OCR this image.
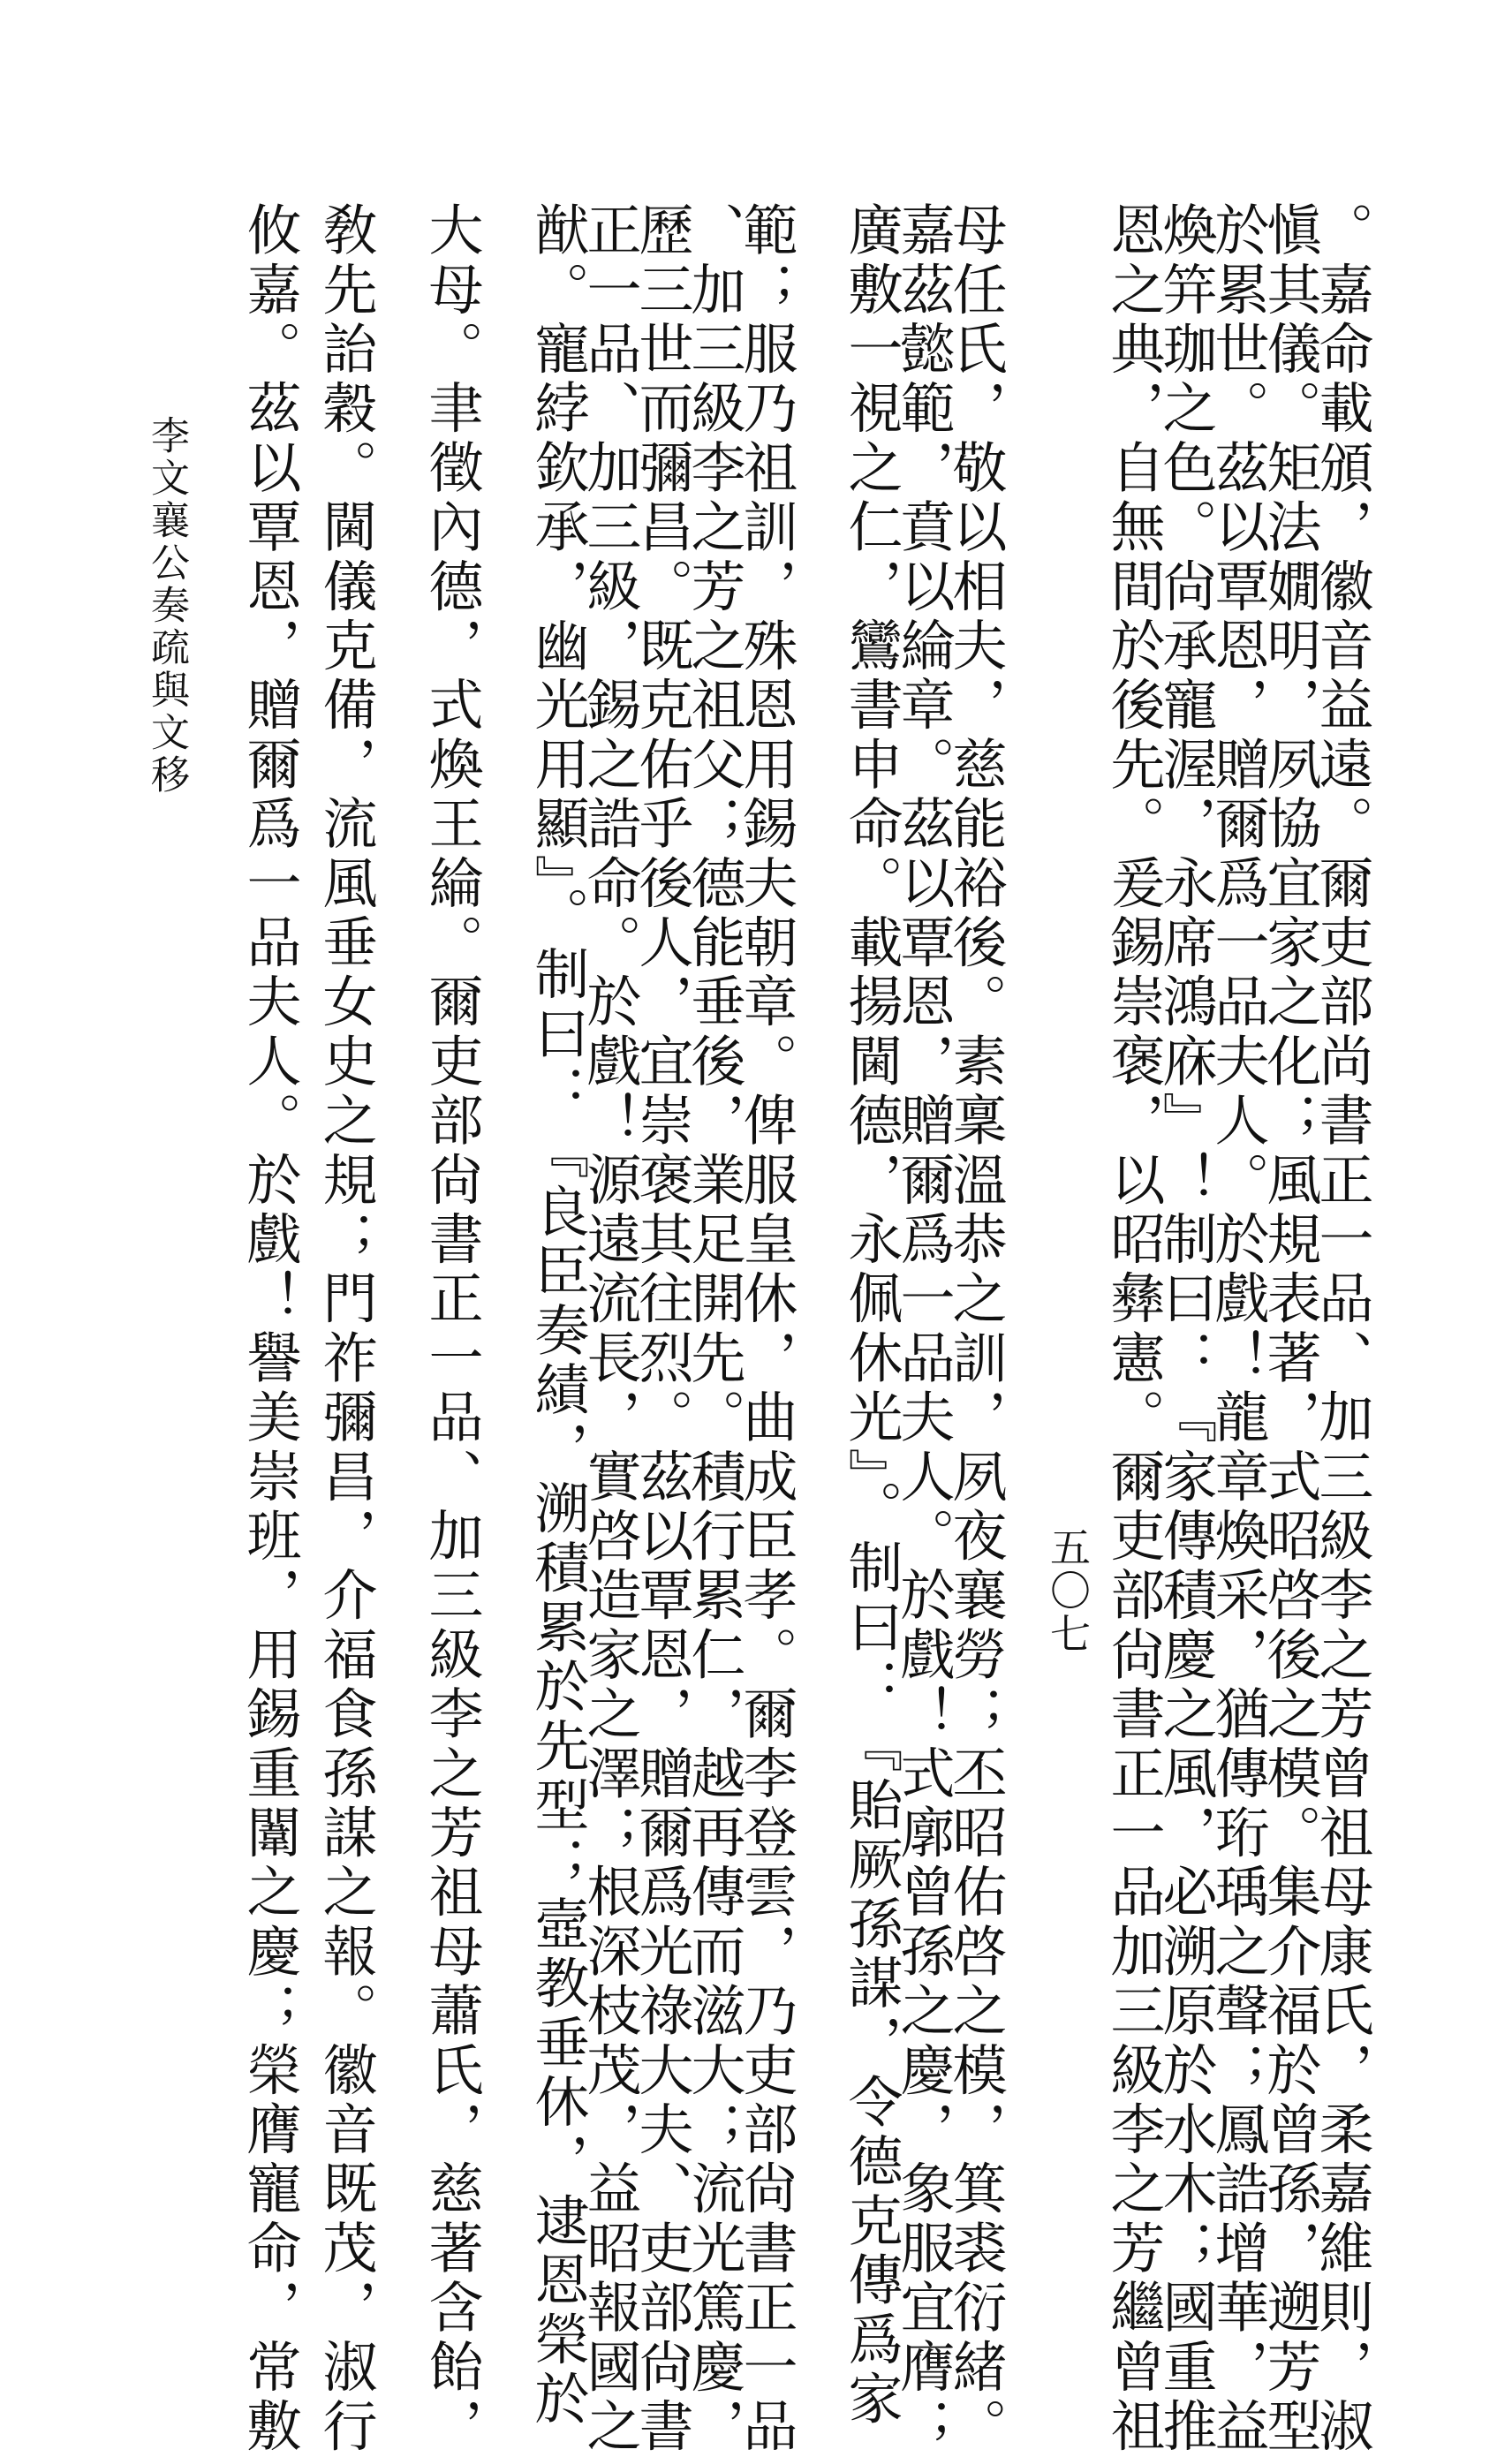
。嘉命載頒，徽音益遠。爾吏部尚書正一品、加三級李之芳曾祖母康氏，柔嘉維則，淑
愼其儀。矩法嫺明，夙協宜家之化；風規表著，式昭啓後之模。集介福於曾孫，遡芳型
於累世。茲以覃恩，贈爾爲一品夫人。於戲！龍章煥采，猶傳珩瑀之聲；鳳誥增華，益
煥笄珈之色。尙承寵渥，永席鴻庥』！制曰：『家傳積慶之風，必溯原於水木；國重推
恩之典，自無間於後先。爰錫崇褒，以昭彝憲。爾吏部尙書正一品加三級李之芳繼曾祖
母任氏，敬以相夫，慈能裕後。素稟溫恭之訓，夙夜襄勞；丕昭佑啓之模，箕裘衍緒。
嘉茲懿範，賁以綸章。茲以覃恩，贈爾爲一品夫人。於戲！式廓曾孫之慶，象服宜膺；
廣敷一視之仁，鸞書申命。載揚閫德，永佩休光』。制曰：『貽厥孫謀，令德克傳爲家
範；服乃祖訓，殊恩用錫夫朝章。俾服皇休，曲成臣孝。爾李登雲，乃吏部尙書正一品
、加三級李之芳之祖父；德能垂後，業足開先。積行累仁，越再傳而滋大；流光篤慶，
歷三世而彌昌。既克佑乎後人，宜崇褒其往烈。茲以覃恩，贈爾爲光祿大夫、吏部尙書
正一品、加三級，錫之誥命。於戲！源遠流長，實啓造家之澤；根深枝茂，益昭報國之
猷。寵綍欽承，幽光用顯』。制曰：『良臣奏績，溯積累於先型；壼教垂休，逮恩榮於
大母。聿徵內德，式煥王綸。爾吏部尙書正一品、加三級李之芳祖母蕭氏，慈著含飴，
敎先詒穀。閫儀克備，流風垂女史之規；門祚彌昌，介福食孫謀之報。徽音既茂，淑行
攸嘉。茲以覃恩，贈爾爲一品夫人。於戲！譽美崇班，用錫重闈之慶；榮膺寵命，常敷
李文襄公奏疏與文移
五〇七
